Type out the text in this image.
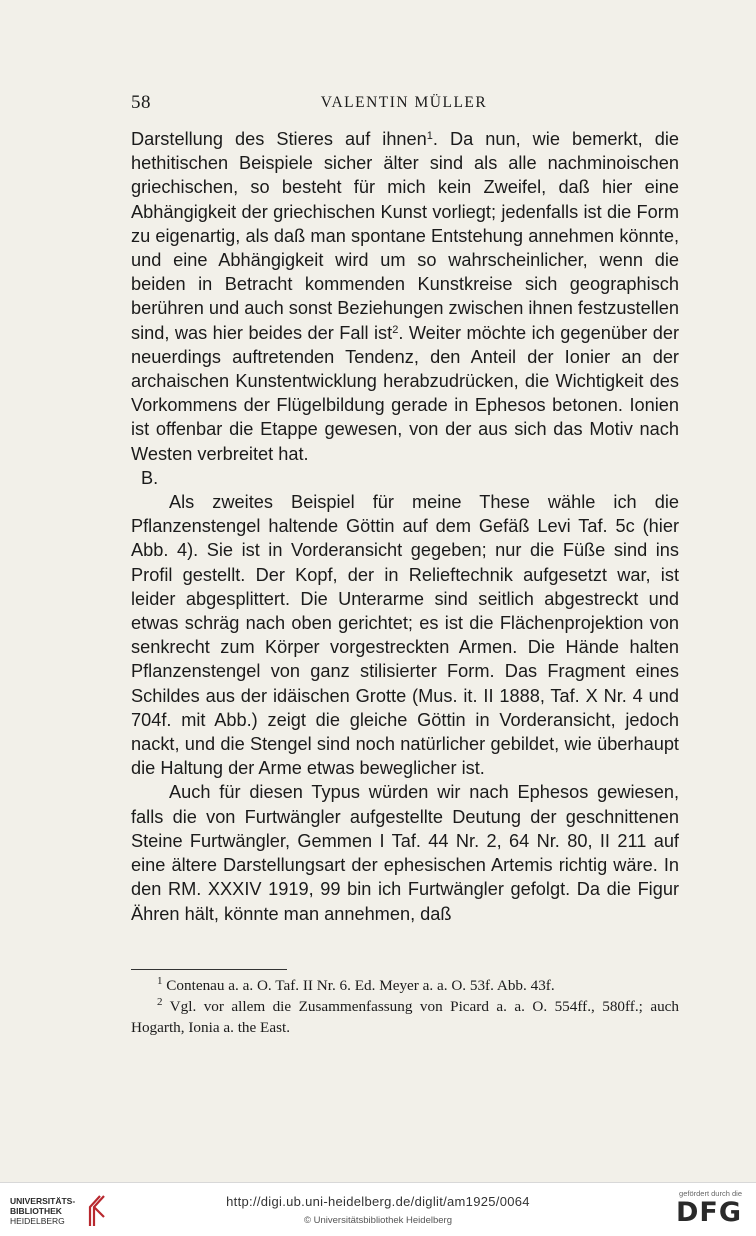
58	VALENTIN MÜLLER

Darstellung des Stieres auf ihnen$^1$. Da nun, wie bemerkt, die hethitischen Beispiele sicher älter sind als alle nachminoischen griechischen, so besteht für mich kein Zweifel, daß hier eine Abhängigkeit der griechischen Kunst vorliegt; jedenfalls ist die Form zu eigenartig, als daß man spontane Entstehung annehmen könnte, und eine Abhängigkeit wird um so wahrscheinlicher, wenn die beiden in Betracht kommenden Kunstkreise sich geographisch berühren und auch sonst Beziehungen zwischen ihnen festzustellen sind, was hier beides der Fall ist$^2$. Weiter möchte ich gegenüber der neuerdings auftretenden Tendenz, den Anteil der Ionier an der archaischen Kunstentwicklung herabzudrücken, die Wichtigkeit des Vorkommens der Flügelbildung gerade in Ephesos betonen. Ionien ist offenbar die Etappe gewesen, von der aus sich das Motiv nach Westen verbreitet hat.

B.

Als zweites Beispiel für meine These wähle ich die Pflanzenstengel haltende Göttin auf dem Gefäß Levi Taf. 5c (hier Abb. 4). Sie ist in Vorderansicht gegeben; nur die Füße sind ins Profil gestellt. Der Kopf, der in Relieftechnik aufgesetzt war, ist leider abgesplittert. Die Unterarme sind seitlich abgestreckt und etwas schräg nach oben gerichtet; es ist die Flächenprojektion von senkrecht zum Körper vorgestreckten Armen. Die Hände halten Pflanzenstengel von ganz stilisierter Form. Das Fragment eines Schildes aus der idäischen Grotte (Mus. it. II 1888, Taf. X Nr. 4 und 704f. mit Abb.) zeigt die gleiche Göttin in Vorderansicht, jedoch nackt, und die Stengel sind noch natürlicher gebildet, wie überhaupt die Haltung der Arme etwas beweglicher ist.

Auch für diesen Typus würden wir nach Ephesos gewiesen, falls die von Furtwängler aufgestellte Deutung der geschnittenen Steine Furtwängler, Gemmen I Taf. 44 Nr. 2, 64 Nr. 80, II 211 auf eine ältere Darstellungsart der ephesischen Artemis richtig wäre. In den RM. XXXIV 1919, 99 bin ich Furtwängler gefolgt. Da die Figur Ähren hält, könnte man annehmen, daß

$^1$ Contenau a. a. O. Taf. II Nr. 6. Ed. Meyer a. a. O. 53f. Abb. 43f.

$^2$ Vgl. vor allem die Zusammenfassung von Picard a. a. O. 554ff., 580ff.; auch Hogarth, Ionia a. the East.

UNIVERSITÄTS-
BIBLIOTHEK
HEIDELBERG
http://digi.ub.uni-heidelberg.de/diglit/am1925/0064
© Universitätsbibliothek Heidelberg
gefördert durch die
DFG
